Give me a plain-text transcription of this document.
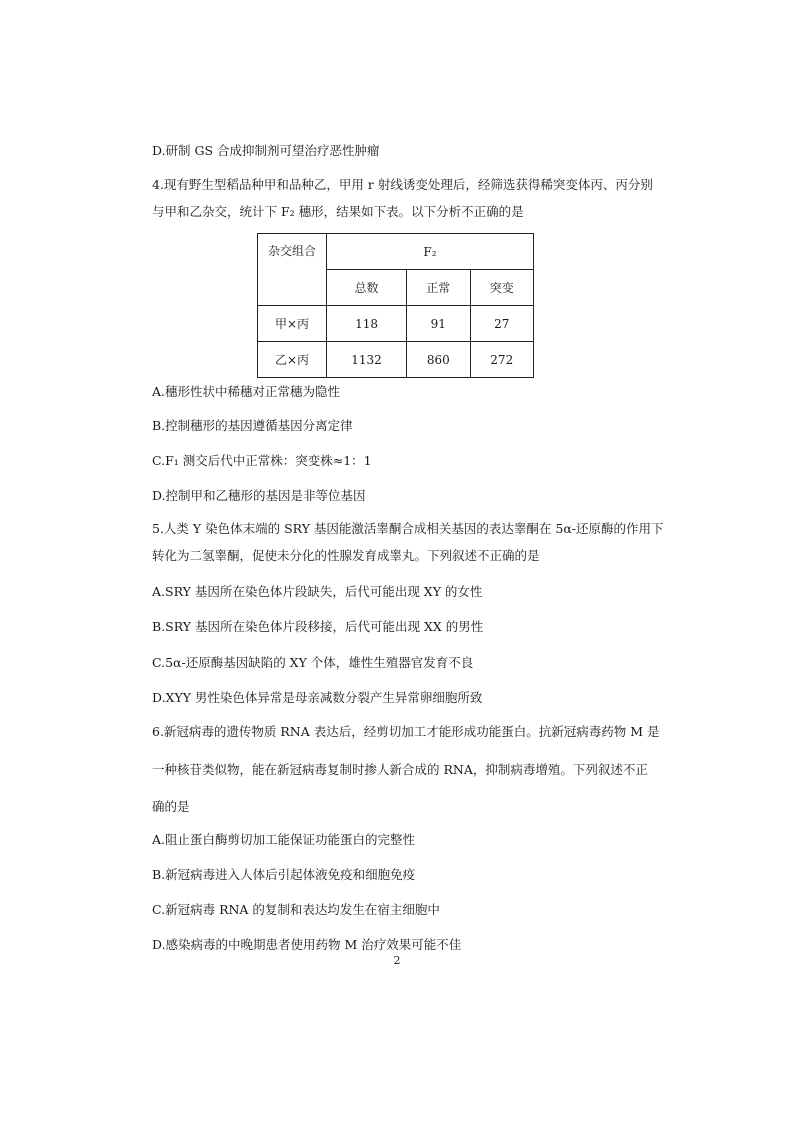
D.研制 GS 合成抑制剂可望治疗恶性肿瘤
4.现有野生型稻品种甲和品种乙，甲用 r 射线诱变处理后，经筛选获得稀突变体丙、丙分别
与甲和乙杂交，统计下 F₂ 穗形，结果如下表。以下分析不正确的是
杂交组合	F₂		
	总数	正常	突变
甲×丙	118	91	27
乙×丙	1132	860	272
A.穗形性状中稀穗对正常穗为隐性
B.控制穗形的基因遵循基因分离定律
C.F₁ 测交后代中正常株：突变株≈1：1
D.控制甲和乙穗形的基因是非等位基因
5.人类 Y 染色体末端的 SRY 基因能激活睾酮合成相关基因的表达睾酮在 5α-还原酶的作用下
转化为二氢睾酮，促使未分化的性腺发育成睾丸。下列叙述不正确的是
A.SRY 基因所在染色体片段缺失，后代可能出现 XY 的女性
B.SRY 基因所在染色体片段移接，后代可能出现 XX 的男性
C.5α-还原酶基因缺陷的 XY 个体，雄性生殖器官发育不良
D.XYY 男性染色体异常是母亲减数分裂产生异常卵细胞所致
6.新冠病毒的遗传物质 RNA 表达后，经剪切加工才能形成功能蛋白。抗新冠病毒药物 M 是
一种核苷类似物，能在新冠病毒复制时掺人新合成的 RNA，抑制病毒增殖。下列叙述不正
确的是
A.阻止蛋白酶剪切加工能保证功能蛋白的完整性
B.新冠病毒进入人体后引起体液免疫和细胞免疫
C.新冠病毒 RNA 的复制和表达均发生在宿主细胞中
D.感染病毒的中晚期患者使用药物 M 治疗效果可能不佳
2
